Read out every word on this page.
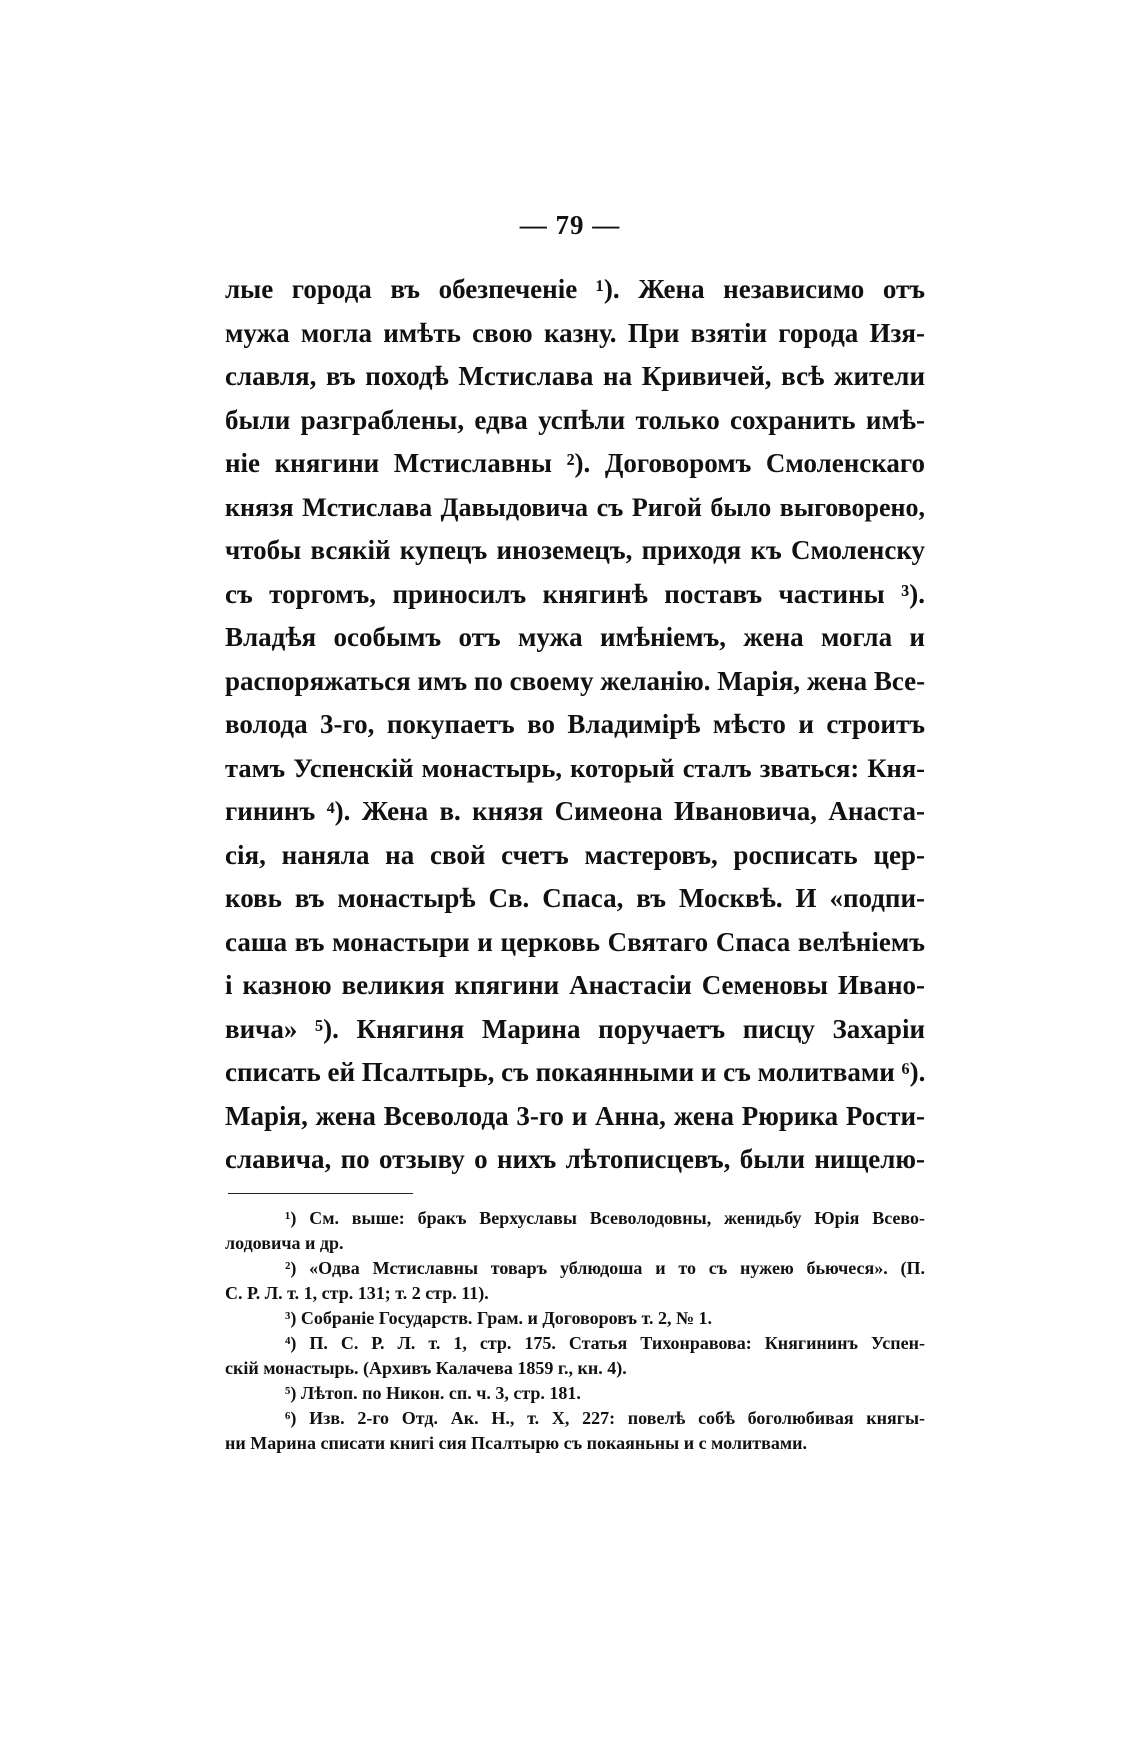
— 79 —
лые города въ обезпеченіе ¹). Жена независимо отъ
мужа могла имѣть свою казну. При взятіи города Изя-
славля, въ походѣ Мстислава на Кривичей, всѣ жители
были разграблены, едва успѣли только сохранить имѣ-
ніе княгини Мстиславны ²). Договоромъ Смоленскаго
князя Мстислава Давыдовича съ Ригой было выговорено,
чтобы всякій купецъ иноземецъ, приходя къ Смоленску
съ торгомъ, приносилъ княгинѣ поставъ частины ³).
Владѣя особымъ отъ мужа имѣніемъ, жена могла и
распоряжаться имъ по своему желанію. Марія, жена Все-
волода 3-го, покупаетъ во Владимірѣ мѣсто и строитъ
тамъ Успенскій монастырь, который сталъ зваться: Кня-
гининъ ⁴). Жена в. князя Симеона Ивановича, Анаста-
сія, наняла на свой счетъ мастеровъ, росписать цер-
ковь въ монастырѣ Св. Спаса, въ Москвѣ. И «подпи-
саша въ монастыри и церковь Святаго Спаса велѣніемъ
і казною великия кпягини Анастасіи Семеновы Ивано-
вича» ⁵). Княгиня Марина поручаетъ писцу Захаріи
списать ей Псалтырь, съ покаянными и съ молитвами ⁶).
Марія, жена Всеволода 3-го и Анна, жена Рюрика Рости-
славича, по отзыву о нихъ лѣтописцевъ, были нищелю-
¹) См. выше: бракъ Верхуславы Всеволодовны, женидьбу Юрія Всево-
лодовича и др.
²) «Одва Мстиславны товаръ ублюдоша и то съ нужею бьючеся». (П.
С. Р. Л. т. 1, стр. 131; т. 2 стр. 11).
³) Собраніе Государств. Грам. и Договоровъ т. 2, № 1.
⁴) П. С. Р. Л. т. 1, стр. 175. Статья Тихонравова: Княгининъ Успен-
скій монастырь. (Архивъ Калачева 1859 г., кн. 4).
⁵) Лѣтоп. по Никон. сп. ч. 3, стр. 181.
⁶) Изв. 2-го Отд. Ак. Н., т. X, 227: повелѣ собѣ боголюбивая княгы-
ни Марина списати книгі сия Псалтырю съ покаяньны и с молитвами.
